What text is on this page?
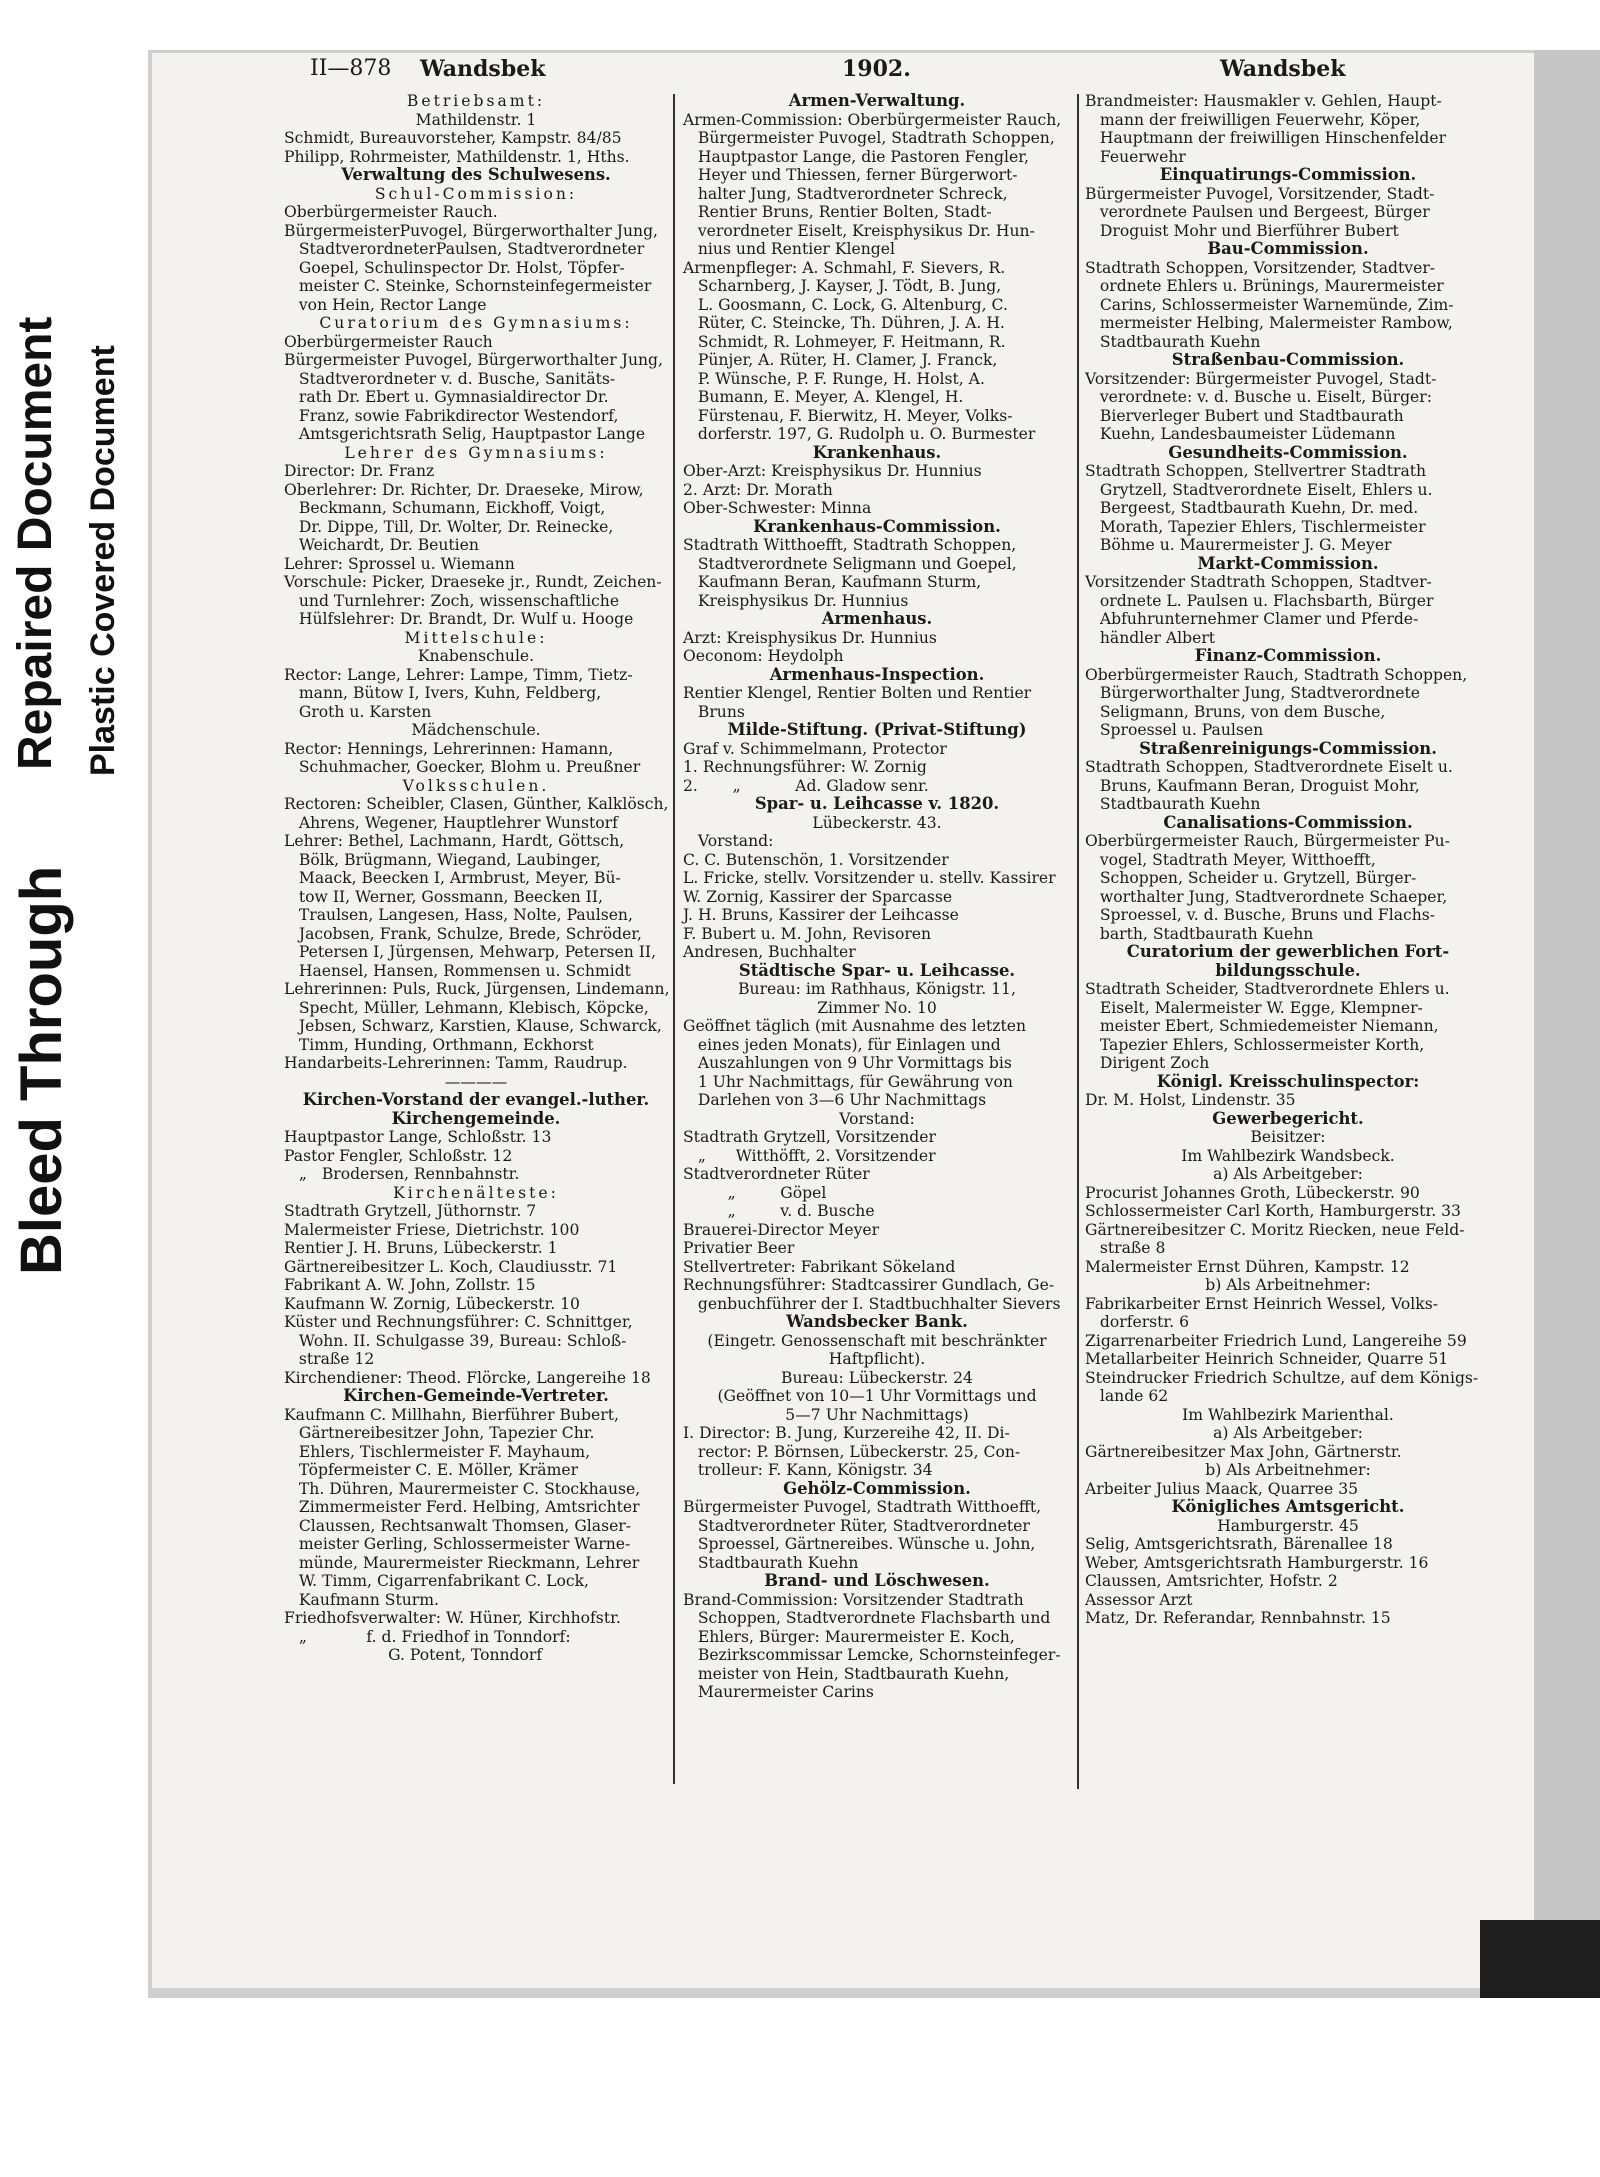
Bleed Through
Repaired Document Plastic Covered Document
II—878 Wandsbek	1902.	Wandsbek

Betriebsamt:

Mathildenstr. 1

Schmidt, Bureauvorsteher, Kampstr. 84/85

Philipp, Rohrmeister, Mathildenstr. 1, Hths.

Verwaltung des Schulwesens.

Schul-Commission:

Oberbürgermeister Rauch.

BürgermeisterPuvogel, Bürgerworthalter Jung,

StadtverordneterPaulsen, Stadtverordneter

Goepel, Schulinspector Dr. Holst, Töpfer-

meister C. Steinke, Schornsteinfegermeister

von Hein, Rector Lange

Curatorium des Gymnasiums:

Oberbürgermeister Rauch

Bürgermeister Puvogel, Bürgerworthalter Jung,

Stadtverordneter v. d. Busche, Sanitäts-

rath Dr. Ebert u. Gymnasialdirector Dr.

Franz, sowie Fabrikdirector Westendorf,

Amtsgerichtsrath Selig, Hauptpastor Lange

Lehrer des Gymnasiums:

Director: Dr. Franz

Oberlehrer: Dr. Richter, Dr. Draeseke, Mirow,

Beckmann, Schumann, Eickhoff, Voigt,

Dr. Dippe, Till, Dr. Wolter, Dr. Reinecke,

Weichardt, Dr. Beutien

Lehrer: Sprossel u. Wiemann

Vorschule: Picker, Draeseke jr., Rundt, Zeichen-

und Turnlehrer: Zoch, wissenschaftliche

Hülfslehrer: Dr. Brandt, Dr. Wulf u. Hooge

Mittelschule:

Knabenschule.

Rector: Lange, Lehrer: Lampe, Timm, Tietz-

mann, Bütow I, Ivers, Kuhn, Feldberg,

Groth u. Karsten

Mädchenschule.

Rector: Hennings, Lehrerinnen: Hamann,

Schuhmacher, Goecker, Blohm u. Preußner

Volksschulen.

Rectoren: Scheibler, Clasen, Günther, Kalklösch,

Ahrens, Wegener, Hauptlehrer Wunstorf

Lehrer: Bethel, Lachmann, Hardt, Göttsch,

Bölk, Brügmann, Wiegand, Laubinger,

Maack, Beecken I, Armbrust, Meyer, Bü-

tow II, Werner, Gossmann, Beecken II,

Traulsen, Langesen, Hass, Nolte, Paulsen,

Jacobsen, Frank, Schulze, Brede, Schröder,

Petersen I, Jürgensen, Mehwarp, Petersen II,

Haensel, Hansen, Rommensen u. Schmidt

Lehrerinnen: Puls, Ruck, Jürgensen, Lindemann,

Specht, Müller, Lehmann, Klebisch, Köpcke,

Jebsen, Schwarz, Karstien, Klause, Schwarck,

Timm, Hunding, Orthmann, Eckhorst

Handarbeits-Lehrerinnen: Tamm, Raudrup.

————

Kirchen-Vorstand der evangel.-luther.

Kirchengemeinde.

Hauptpastor Lange, Schloßstr. 13

Pastor Fengler, Schloßstr. 12

„   Brodersen, Rennbahnstr.

Kirchenälteste:

Stadtrath Grytzell, Jüthornstr. 7

Malermeister Friese, Dietrichstr. 100

Rentier J. H. Bruns, Lübeckerstr. 1

Gärtnereibesitzer L. Koch, Claudiusstr. 71

Fabrikant A. W. John, Zollstr. 15

Kaufmann W. Zornig, Lübeckerstr. 10

Küster und Rechnungsführer: C. Schnittger,

Wohn. II. Schulgasse 39, Bureau: Schloß-

straße 12

Kirchendiener: Theod. Flörcke, Langereihe 18

Kirchen-Gemeinde-Vertreter.

Kaufmann C. Millhahn, Bierführer Bubert,

Gärtnereibesitzer John, Tapezier Chr.

Ehlers, Tischlermeister F. Mayhaum,

Töpfermeister C. E. Möller, Krämer

Th. Dühren, Maurermeister C. Stockhause,

Zimmermeister Ferd. Helbing, Amtsrichter

Claussen, Rechtsanwalt Thomsen, Glaser-

meister Gerling, Schlossermeister Warne-

münde, Maurermeister Rieckmann, Lehrer

W. Timm, Cigarrenfabrikant C. Lock,

Kaufmann Sturm.

Friedhofsverwalter: W. Hüner, Kirchhofstr.

„            f. d. Friedhof in Tonndorf:

G. Potent, Tonndorf

Armen-Verwaltung.

Armen-Commission: Oberbürgermeister Rauch,

Bürgermeister Puvogel, Stadtrath Schoppen,

Hauptpastor Lange, die Pastoren Fengler,

Heyer und Thiessen, ferner Bürgerwort-

halter Jung, Stadtverordneter Schreck,

Rentier Bruns, Rentier Bolten, Stadt-

verordneter Eiselt, Kreisphysikus Dr. Hun-

nius und Rentier Klengel

Armenpfleger: A. Schmahl, F. Sievers, R.

Scharnberg, J. Kayser, J. Tödt, B. Jung,

L. Goosmann, C. Lock, G. Altenburg, C.

Rüter, C. Steincke, Th. Dühren, J. A. H.

Schmidt, R. Lohmeyer, F. Heitmann, R.

Pünjer, A. Rüter, H. Clamer, J. Franck,

P. Wünsche, P. F. Runge, H. Holst, A.

Bumann, E. Meyer, A. Klengel, H.

Fürstenau, F. Bierwitz, H. Meyer, Volks-

dorferstr. 197, G. Rudolph u. O. Burmester

Krankenhaus.

Ober-Arzt: Kreisphysikus Dr. Hunnius

2. Arzt: Dr. Morath

Ober-Schwester: Minna

Krankenhaus-Commission.

Stadtrath Witthoefft, Stadtrath Schoppen,

Stadtverordnete Seligmann und Goepel,

Kaufmann Beran, Kaufmann Sturm,

Kreisphysikus Dr. Hunnius

Armenhaus.

Arzt: Kreisphysikus Dr. Hunnius

Oeconom: Heydolph

Armenhaus-Inspection.

Rentier Klengel, Rentier Bolten und Rentier

Bruns

Milde-Stiftung. (Privat-Stiftung)

Graf v. Schimmelmann, Protector

1. Rechnungsführer: W. Zornig

2.       „           Ad. Gladow senr.

Spar- u. Leihcasse v. 1820.

Lübeckerstr. 43.

Vorstand:

C. C. Butenschön, 1. Vorsitzender

L. Fricke, stellv. Vorsitzender u. stellv. Kassirer

W. Zornig, Kassirer der Sparcasse

J. H. Bruns, Kassirer der Leihcasse

F. Bubert u. M. John, Revisoren

Andresen, Buchhalter

Städtische Spar- u. Leihcasse.

Bureau: im Rathhaus, Königstr. 11,

Zimmer No. 10

Geöffnet täglich (mit Ausnahme des letzten

eines jeden Monats), für Einlagen und

Auszahlungen von 9 Uhr Vormittags bis

1 Uhr Nachmittags, für Gewährung von

Darlehen von 3—6 Uhr Nachmittags

Vorstand:

Stadtrath Grytzell, Vorsitzender

„      Witthöfft, 2. Vorsitzender

Stadtverordneter Rüter

„         Göpel

„         v. d. Busche

Brauerei-Director Meyer

Privatier Beer

Stellvertreter: Fabrikant Sökeland

Rechnungsführer: Stadtcassirer Gundlach, Ge-

genbuchführer der I. Stadtbuchhalter Sievers

Wandsbecker Bank.

(Eingetr. Genossenschaft mit beschränkter

Haftpflicht).

Bureau: Lübeckerstr. 24

(Geöffnet von 10—1 Uhr Vormittags und

5—7 Uhr Nachmittags)

I. Director: B. Jung, Kurzereihe 42, II. Di-

rector: P. Börnsen, Lübeckerstr. 25, Con-

trolleur: F. Kann, Königstr. 34

Gehölz-Commission.

Bürgermeister Puvogel, Stadtrath Witthoefft,

Stadtverordneter Rüter, Stadtverordneter

Sproessel, Gärtnereibes. Wünsche u. John,

Stadtbaurath Kuehn

Brand- und Löschwesen.

Brand-Commission: Vorsitzender Stadtrath

Schoppen, Stadtverordnete Flachsbarth und

Ehlers, Bürger: Maurermeister E. Koch,

Bezirkscommissar Lemcke, Schornsteinfeger-

meister von Hein, Stadtbaurath Kuehn,

Maurermeister Carins

Brandmeister: Hausmakler v. Gehlen, Haupt-

mann der freiwilligen Feuerwehr, Köper,

Hauptmann der freiwilligen Hinschenfelder

Feuerwehr

Einquatirungs-Commission.

Bürgermeister Puvogel, Vorsitzender, Stadt-

verordnete Paulsen und Bergeest, Bürger

Droguist Mohr und Bierführer Bubert

Bau-Commission.

Stadtrath Schoppen, Vorsitzender, Stadtver-

ordnete Ehlers u. Brünings, Maurermeister

Carins, Schlossermeister Warnemünde, Zim-

mermeister Helbing, Malermeister Rambow,

Stadtbaurath Kuehn

Straßenbau-Commission.

Vorsitzender: Bürgermeister Puvogel, Stadt-

verordnete: v. d. Busche u. Eiselt, Bürger:

Bierverleger Bubert und Stadtbaurath

Kuehn, Landesbaumeister Lüdemann

Gesundheits-Commission.

Stadtrath Schoppen, Stellvertrer Stadtrath

Grytzell, Stadtverordnete Eiselt, Ehlers u.

Bergeest, Stadtbaurath Kuehn, Dr. med.

Morath, Tapezier Ehlers, Tischlermeister

Böhme u. Maurermeister J. G. Meyer

Markt-Commission.

Vorsitzender Stadtrath Schoppen, Stadtver-

ordnete L. Paulsen u. Flachsbarth, Bürger

Abfuhrunternehmer Clamer und Pferde-

händler Albert

Finanz-Commission.

Oberbürgermeister Rauch, Stadtrath Schoppen,

Bürgerworthalter Jung, Stadtverordnete

Seligmann, Bruns, von dem Busche,

Sproessel u. Paulsen

Straßenreinigungs-Commission.

Stadtrath Schoppen, Stadtverordnete Eiselt u.

Bruns, Kaufmann Beran, Droguist Mohr,

Stadtbaurath Kuehn

Canalisations-Commission.

Oberbürgermeister Rauch, Bürgermeister Pu-

vogel, Stadtrath Meyer, Witthoefft,

Schoppen, Scheider u. Grytzell, Bürger-

worthalter Jung, Stadtverordnete Schaeper,

Sproessel, v. d. Busche, Bruns und Flachs-

barth, Stadtbaurath Kuehn

Curatorium der gewerblichen Fort-

bildungsschule.

Stadtrath Scheider, Stadtverordnete Ehlers u.

Eiselt, Malermeister W. Egge, Klempner-

meister Ebert, Schmiedemeister Niemann,

Tapezier Ehlers, Schlossermeister Korth,

Dirigent Zoch

Königl. Kreisschulinspector:

Dr. M. Holst, Lindenstr. 35

Gewerbegericht.

Beisitzer:

Im Wahlbezirk Wandsbeck.

a) Als Arbeitgeber:

Procurist Johannes Groth, Lübeckerstr. 90

Schlossermeister Carl Korth, Hamburgerstr. 33

Gärtnereibesitzer C. Moritz Riecken, neue Feld-

straße 8

Malermeister Ernst Dühren, Kampstr. 12

b) Als Arbeitnehmer:

Fabrikarbeiter Ernst Heinrich Wessel, Volks-

dorferstr. 6

Zigarrenarbeiter Friedrich Lund, Langereihe 59

Metallarbeiter Heinrich Schneider, Quarre 51

Steindrucker Friedrich Schultze, auf dem Königs-

lande 62

Im Wahlbezirk Marienthal.

a) Als Arbeitgeber:

Gärtnereibesitzer Max John, Gärtnerstr.

b) Als Arbeitnehmer:

Arbeiter Julius Maack, Quarree 35

Königliches Amtsgericht.

Hamburgerstr. 45

Selig, Amtsgerichtsrath, Bärenallee 18

Weber, Amtsgerichtsrath Hamburgerstr. 16

Claussen, Amtsrichter, Hofstr. 2

Assessor Arzt

Matz, Dr. Referandar, Rennbahnstr. 15
